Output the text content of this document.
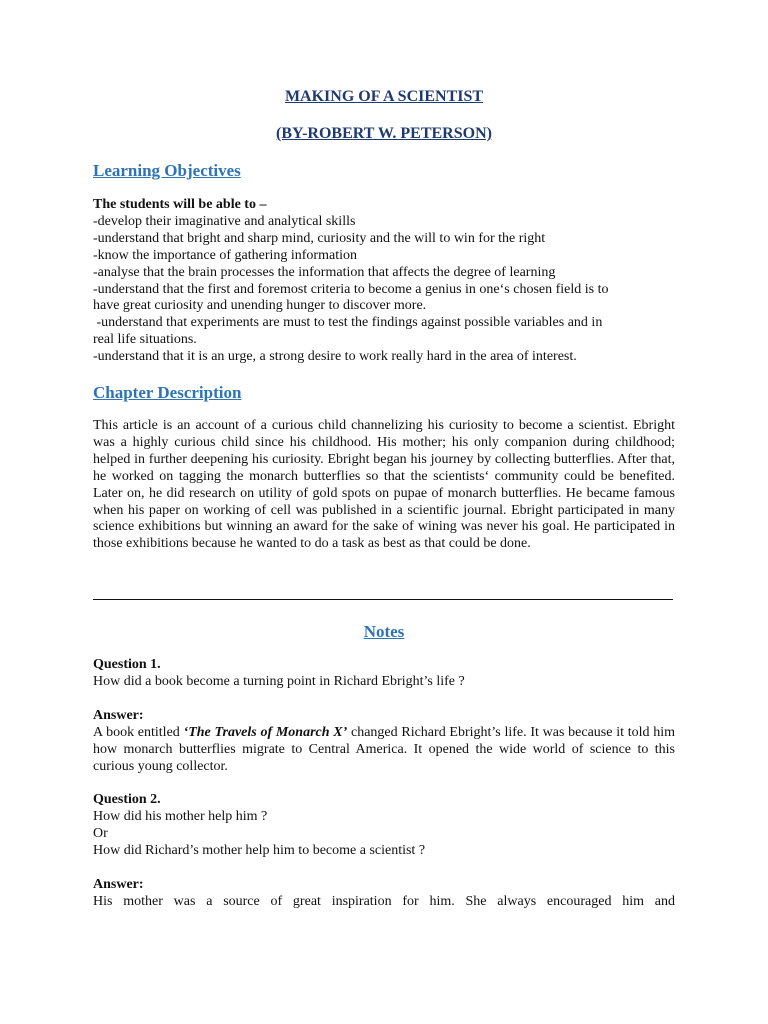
MAKING OF A SCIENTIST
(BY-ROBERT W. PETERSON)
Learning Objectives
The students will be able to –
-develop their imaginative and analytical skills
-understand that bright and sharp mind, curiosity and the will to win for the right
-know the importance of gathering information
-analyse that the brain processes the information that affects the degree of learning
-understand that the first and foremost criteria to become a genius in one‘s chosen field is to
have great curiosity and unending hunger to discover more.
-understand that experiments are must to test the findings against possible variables and in
real life situations.
-understand that it is an urge, a strong desire to work really hard in the area of interest.
Chapter Description
This article is an account of a curious child channelizing his curiosity to become a scientist. Ebright was a highly curious child since his childhood. His mother; his only companion during childhood; helped in further deepening his curiosity. Ebright began his journey by collecting butterflies. After that, he worked on tagging the monarch butterflies so that the scientists‘ community could be benefited. Later on, he did research on utility of gold spots on pupae of monarch butterflies. He became famous when his paper on working of cell was published in a scientific journal. Ebright participated in many science exhibitions but winning an award for the sake of wining was never his goal. He participated in those exhibitions because he wanted to do a task as best as that could be done.
Notes
Question 1.
How did a book become a turning point in Richard Ebright’s life ?
Answer:
A book entitled ‘The Travels of Monarch X’ changed Richard Ebright’s life. It was because it told him how monarch butterflies migrate to Central America. It opened the wide world of science to this curious young collector.
Question 2.
How did his mother help him ?
Or
How did Richard’s mother help him to become a scientist ?
Answer:
His mother was a source of great inspiration for him. She always encouraged him and
